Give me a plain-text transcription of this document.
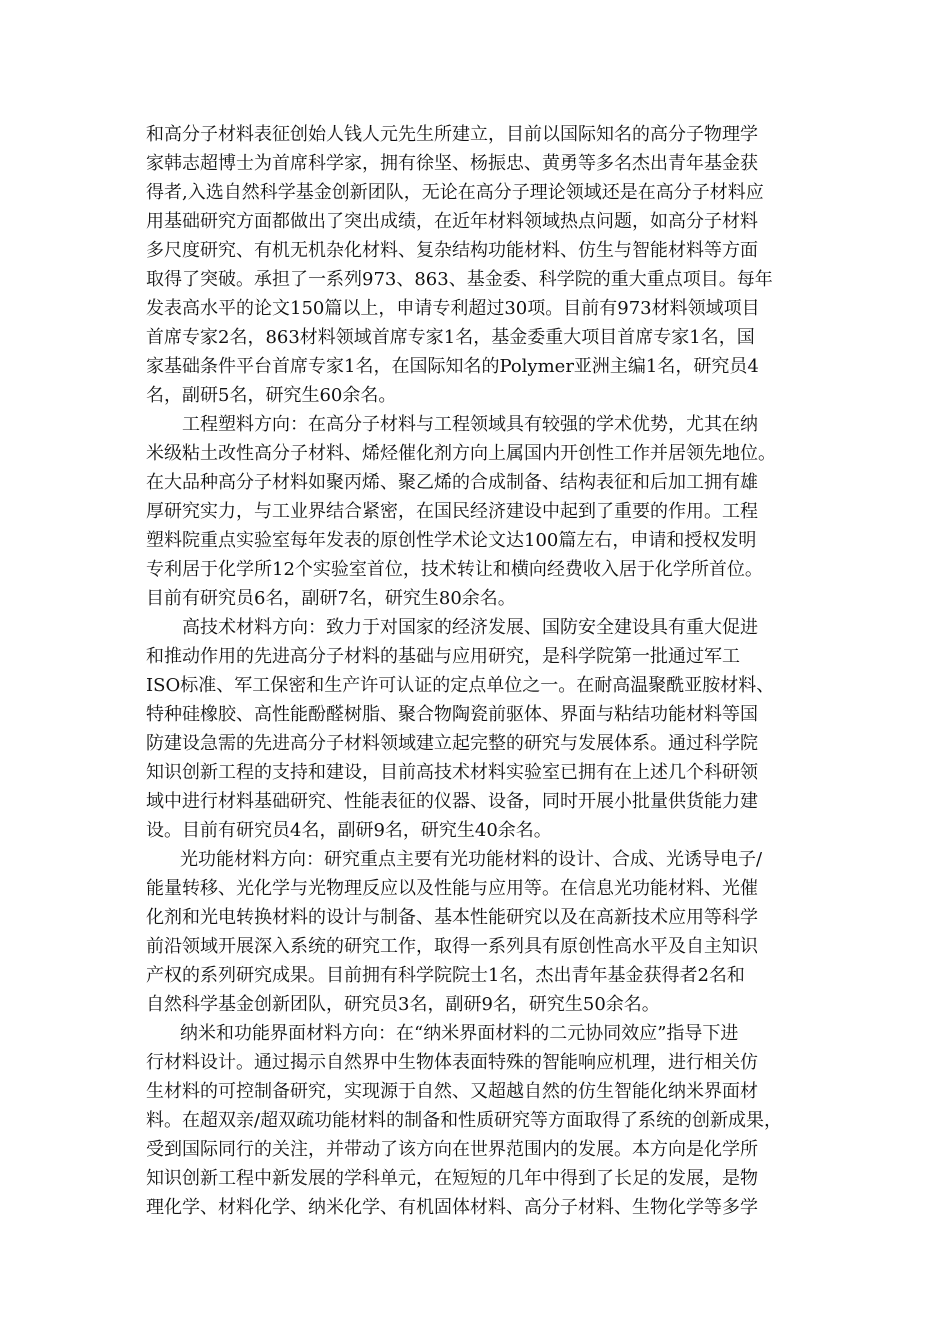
和高分子材料表征创始人钱人元先生所建立，目前以国际知名的高分子物理学
家韩志超博士为首席科学家，拥有徐坚、杨振忠、黄勇等多名杰出青年基金获
得者,入选自然科学基金创新团队，无论在高分子理论领域还是在高分子材料应
用基础研究方面都做出了突出成绩，在近年材料领域热点问题，如高分子材料
多尺度研究、有机无机杂化材料、复杂结构功能材料、仿生与智能材料等方面
取得了突破。承担了一系列973、863、基金委、科学院的重大重点项目。每年
发表高水平的论文150篇以上，申请专利超过30项。目前有973材料领域项目
首席专家2名，863材料领域首席专家1名，基金委重大项目首席专家1名，国
家基础条件平台首席专家1名，在国际知名的Polymer亚洲主编1名，研究员4
名，副研5名，研究生60余名。
工程塑料方向：在高分子材料与工程领域具有较强的学术优势，尤其在纳
米级粘土改性高分子材料、烯烃催化剂方向上属国内开创性工作并居领先地位。
在大品种高分子材料如聚丙烯、聚乙烯的合成制备、结构表征和后加工拥有雄
厚研究实力，与工业界结合紧密，在国民经济建设中起到了重要的作用。工程
塑料院重点实验室每年发表的原创性学术论文达100篇左右，申请和授权发明
专利居于化学所12个实验室首位，技术转让和横向经费收入居于化学所首位。
目前有研究员6名，副研7名，研究生80余名。
高技术材料方向：致力于对国家的经济发展、国防安全建设具有重大促进
和推动作用的先进高分子材料的基础与应用研究，是科学院第一批通过军工
ISO标准、军工保密和生产许可认证的定点单位之一。在耐高温聚酰亚胺材料、
特种硅橡胶、高性能酚醛树脂、聚合物陶瓷前驱体、界面与粘结功能材料等国
防建设急需的先进高分子材料领域建立起完整的研究与发展体系。通过科学院
知识创新工程的支持和建设，目前高技术材料实验室已拥有在上述几个科研领
域中进行材料基础研究、性能表征的仪器、设备，同时开展小批量供货能力建
设。目前有研究员4名，副研9名，研究生40余名。
光功能材料方向：研究重点主要有光功能材料的设计、合成、光诱导电子/
能量转移、光化学与光物理反应以及性能与应用等。在信息光功能材料、光催
化剂和光电转换材料的设计与制备、基本性能研究以及在高新技术应用等科学
前沿领域开展深入系统的研究工作，取得一系列具有原创性高水平及自主知识
产权的系列研究成果。目前拥有科学院院士1名，杰出青年基金获得者2名和
自然科学基金创新团队，研究员3名，副研9名，研究生50余名。
纳米和功能界面材料方向：在“纳米界面材料的二元协同效应”指导下进
行材料设计。通过揭示自然界中生物体表面特殊的智能响应机理，进行相关仿
生材料的可控制备研究，实现源于自然、又超越自然的仿生智能化纳米界面材
料。在超双亲/超双疏功能材料的制备和性质研究等方面取得了系统的创新成果，
受到国际同行的关注，并带动了该方向在世界范围内的发展。本方向是化学所
知识创新工程中新发展的学科单元，在短短的几年中得到了长足的发展，是物
理化学、材料化学、纳米化学、有机固体材料、高分子材料、生物化学等多学
